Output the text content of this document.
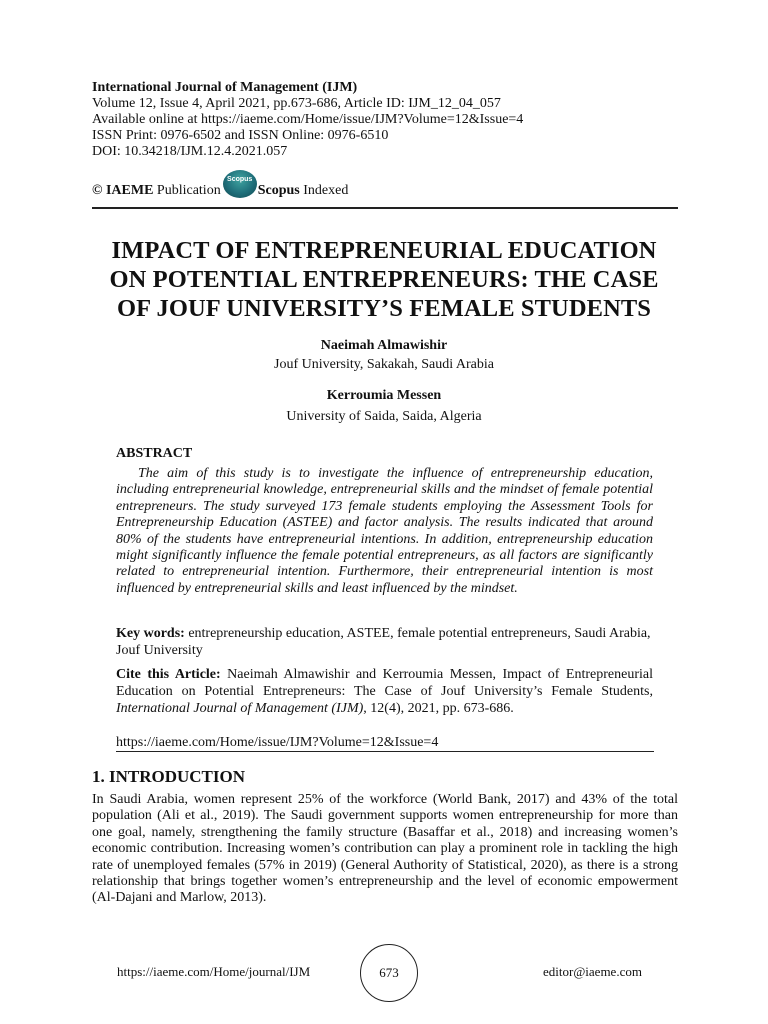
International Journal of Management (IJM)
Volume 12, Issue 4, April 2021, pp.673-686, Article ID: IJM_12_04_057
Available online at https://iaeme.com/Home/issue/IJM?Volume=12&Issue=4
ISSN Print: 0976-6502 and ISSN Online: 0976-6510
DOI: 10.34218/IJM.12.4.2021.057
© IAEME PublicationScopusScopus Indexed
IMPACT OF ENTREPRENEURIAL EDUCATION
ON POTENTIAL ENTREPRENEURS: THE CASE
OF JOUF UNIVERSITY’S FEMALE STUDENTS
Naeimah Almawishir
Jouf University, Sakakah, Saudi Arabia
Kerroumia Messen
University of Saida, Saida, Algeria
ABSTRACT
The aim of this study is to investigate the influence of entrepreneurship education, including entrepreneurial knowledge, entrepreneurial skills and the mindset of female potential entrepreneurs. The study surveyed 173 female students employing the Assessment Tools for Entrepreneurship Education (ASTEE) and factor analysis. The results indicated that around 80% of the students have entrepreneurial intentions. In addition, entrepreneurship education might significantly influence the female potential entrepreneurs, as all factors are significantly related to entrepreneurial intention. Furthermore, their entrepreneurial intention is most influenced by entrepreneurial skills and least influenced by the mindset.
Key words: entrepreneurship education, ASTEE, female potential entrepreneurs, Saudi Arabia, Jouf University
Cite this Article: Naeimah Almawishir and Kerroumia Messen, Impact of Entrepreneurial Education on Potential Entrepreneurs: The Case of Jouf University’s Female Students, International Journal of Management (IJM), 12(4), 2021, pp. 673-686.
https://iaeme.com/Home/issue/IJM?Volume=12&Issue=4
1. INTRODUCTION
In Saudi Arabia, women represent 25% of the workforce (World Bank, 2017) and 43% of the total population (Ali et al., 2019). The Saudi government supports women entrepreneurship for more than one goal, namely, strengthening the family structure (Basaffar et al., 2018) and increasing women’s economic contribution. Increasing women’s contribution can play a prominent role in tackling the high rate of unemployed females (57% in 2019) (General Authority of Statistical, 2020), as there is a strong relationship that brings together women’s entrepreneurship and the level of economic empowerment (Al-Dajani and Marlow, 2013).
https://iaeme.com/Home/journal/IJM	673	editor@iaeme.com
